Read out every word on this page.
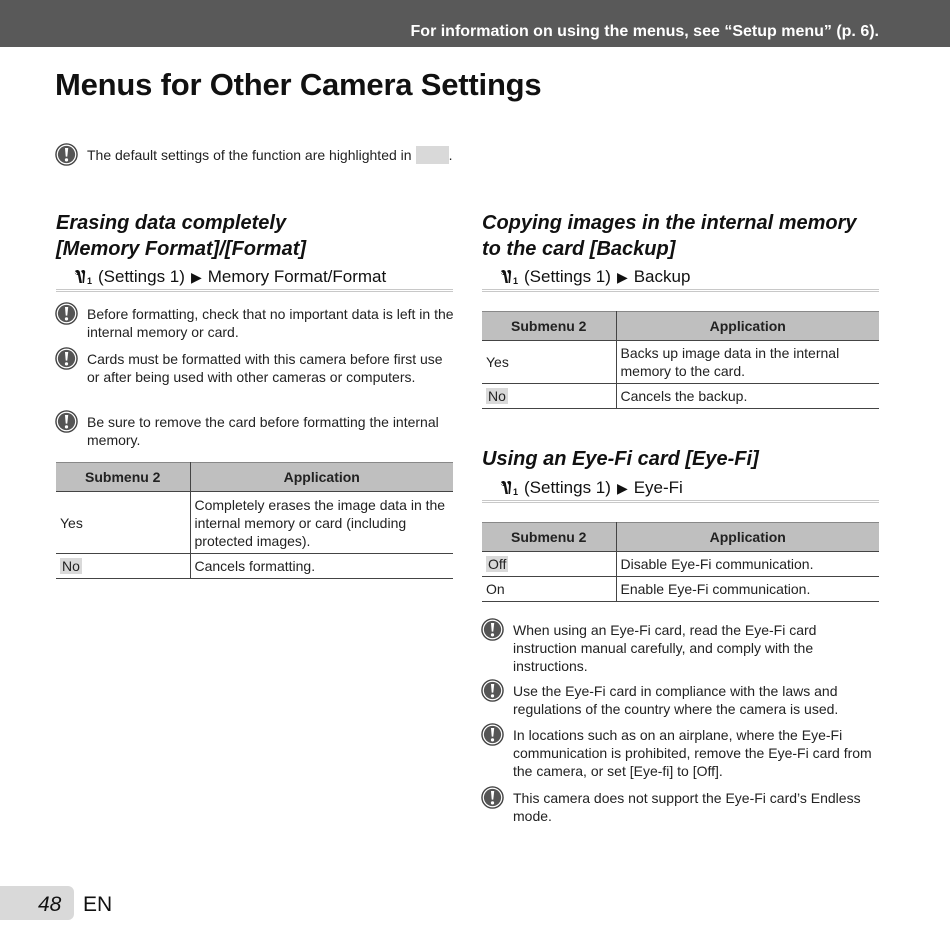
For information on using the menus, see “Setup menu” (p. 6).
Menus for Other Camera Settings
The default settings of the function are highlighted in	.
Erasing data completely
[Memory Format]/[Format]
(Settings 1) ▶ Memory Format/Format
Before formatting, check that no important data is left in the internal memory or card.
Cards must be formatted with this camera before first use or after being used with other cameras or computers.
Be sure to remove the card before formatting the internal memory.
Submenu 2	Application
Yes	Completely erases the image data in the internal memory or card (including protected images).
No	Cancels formatting.
Copying images in the internal memory
to the card [Backup]
(Settings 1) ▶ Backup
Submenu 2	Application
Yes	Backs up image data in the internal memory to the card.
No	Cancels the backup.
Using an Eye-Fi card [Eye-Fi]
(Settings 1) ▶ Eye-Fi
Submenu 2	Application
Off	Disable Eye-Fi communication.
On	Enable Eye-Fi communication.
When using an Eye-Fi card, read the Eye-Fi card instruction manual carefully, and comply with the instructions.
Use the Eye-Fi card in compliance with the laws and regulations of the country where the camera is used.
In locations such as on an airplane, where the Eye-Fi communication is prohibited, remove the Eye-Fi card from the camera, or set [Eye-fi] to [Off].
This camera does not support the Eye-Fi card’s Endless mode.
48 EN
